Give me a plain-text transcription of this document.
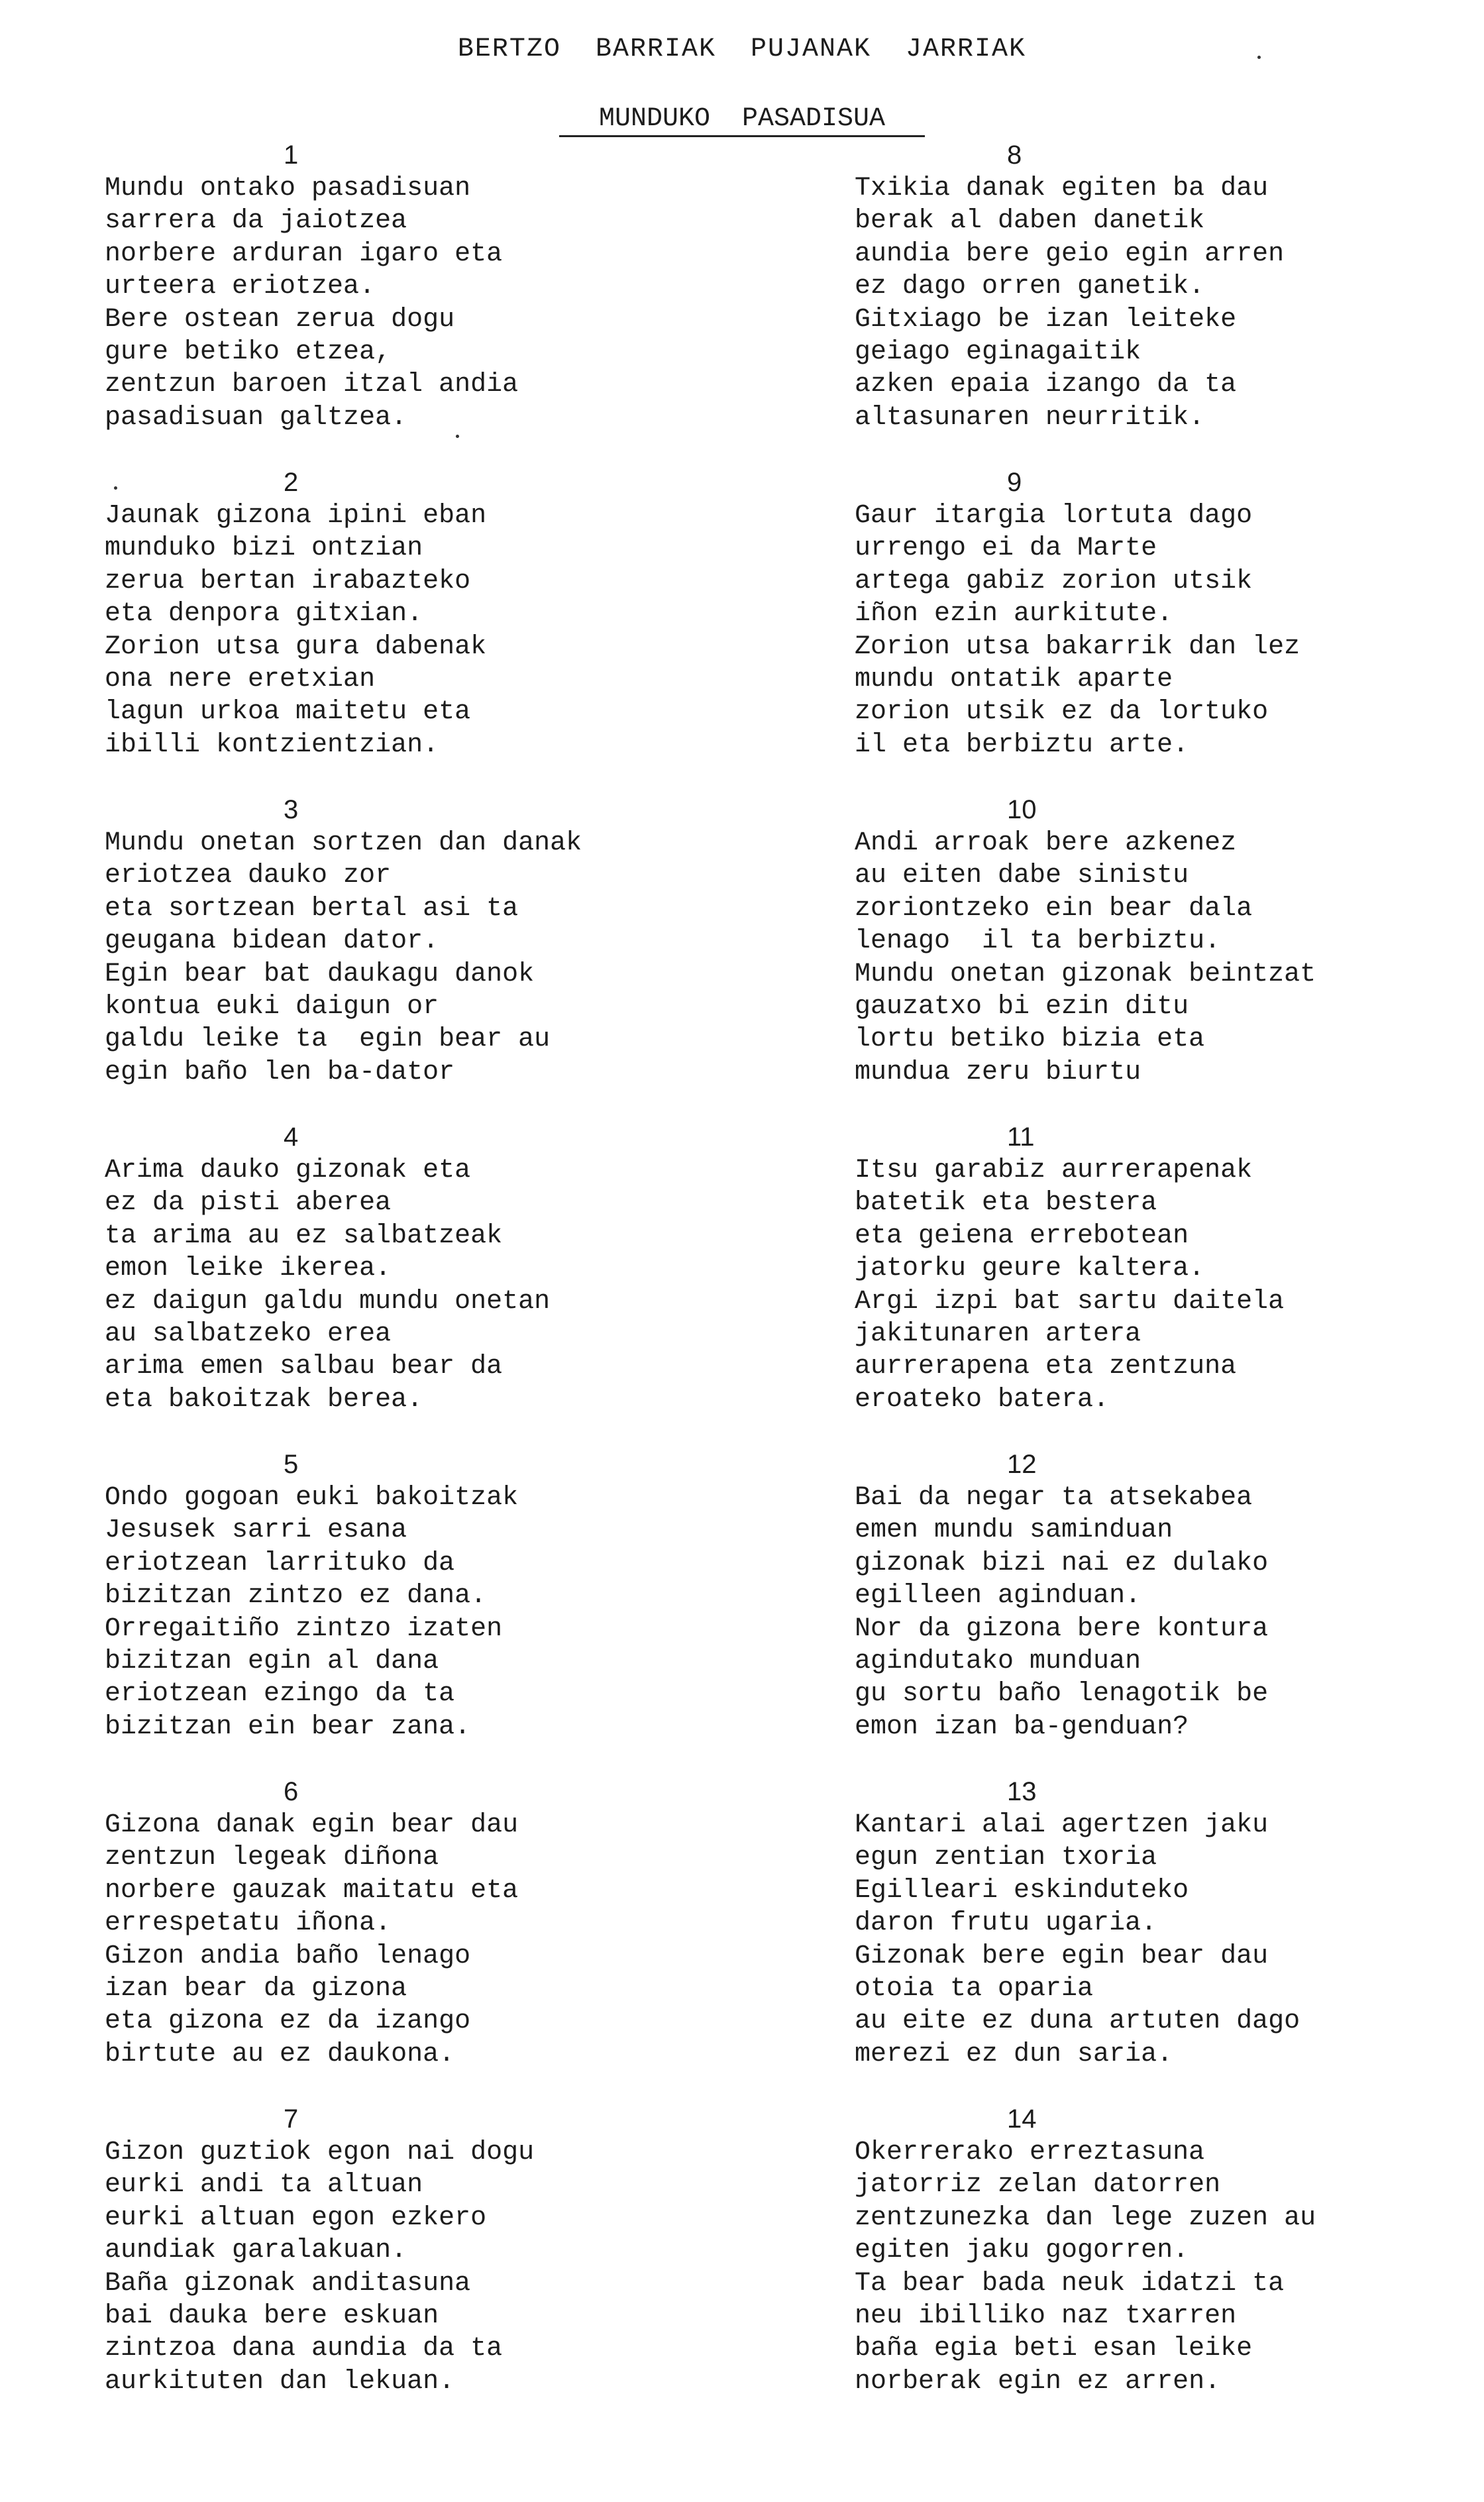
BERTZO  BARRIAK  PUJANAK  JARRIAK
MUNDUKO  PASADISUA
1
Mundu ontako pasadisuan
sarrera da jaiotzea
norbere arduran igaro eta
urteera eriotzea.
Bere ostean zerua dogu
gure betiko etzea,
zentzun baroen itzal andia
pasadisuan galtzea.
2
Jaunak gizona ipini eban
munduko bizi ontzian
zerua bertan irabazteko
eta denpora gitxian.
Zorion utsa gura dabenak
ona nere eretxian
lagun urkoa maitetu eta
ibilli kontzientzian.
3
Mundu onetan sortzen dan danak
eriotzea dauko zor
eta sortzean bertal asi ta
geugana bidean dator.
Egin bear bat daukagu danok
kontua euki daigun or
galdu leike ta  egin bear au
egin baño len ba-dator
4
Arima dauko gizonak eta
ez da pisti aberea
ta arima au ez salbatzeak
emon leike ikerea.
ez daigun galdu mundu onetan
au salbatzeko erea
arima emen salbau bear da
eta bakoitzak berea.
5
Ondo gogoan euki bakoitzak
Jesusek sarri esana
eriotzean larrituko da
bizitzan zintzo ez dana.
Orregaitiño zintzo izaten
bizitzan egin al dana
eriotzean ezingo da ta
bizitzan ein bear zana.
6
Gizona danak egin bear dau
zentzun legeak diñona
norbere gauzak maitatu eta
errespetatu iñona.
Gizon andia baño lenago
izan bear da gizona
eta gizona ez da izango
birtute au ez daukona.
7
Gizon guztiok egon nai dogu
eurki andi ta altuan
eurki altuan egon ezkero
aundiak garalakuan.
Baña gizonak anditasuna
bai dauka bere eskuan
zintzoa dana aundia da ta
aurkituten dan lekuan.
8
Txikia danak egiten ba dau
berak al daben danetik
aundia bere geio egin arren
ez dago orren ganetik.
Gitxiago be izan leiteke
geiago eginagaitik
azken epaia izango da ta
altasunaren neurritik.
9
Gaur itargia lortuta dago
urrengo ei da Marte
artega gabiz zorion utsik
iñon ezin aurkitute.
Zorion utsa bakarrik dan lez
mundu ontatik aparte
zorion utsik ez da lortuko
il eta berbiztu arte.
10
Andi arroak bere azkenez
au eiten dabe sinistu
zoriontzeko ein bear dala
lenago  il ta berbiztu.
Mundu onetan gizonak beintzat
gauzatxo bi ezin ditu
lortu betiko bizia eta
mundua zeru biurtu
11
Itsu garabiz aurrerapenak
batetik eta bestera
eta geiena errebotean
jatorku geure kaltera.
Argi izpi bat sartu daitela
jakitunaren artera
aurrerapena eta zentzuna
eroateko batera.
12
Bai da negar ta atsekabea
emen mundu saminduan
gizonak bizi nai ez dulako
egilleen aginduan.
Nor da gizona bere kontura
agindutako munduan
gu sortu baño lenagotik be
emon izan ba-genduan?
13
Kantari alai agertzen jaku
egun zentian txoria
Egilleari eskinduteko
daron frutu ugaria.
Gizonak bere egin bear dau
otoia ta oparia
au eite ez duna artuten dago
merezi ez dun saria.
14
Okerrerako erreztasuna
jatorriz zelan datorren
zentzunezka dan lege zuzen au
egiten jaku gogorren.
Ta bear bada neuk idatzi ta
neu ibilliko naz txarren
baña egia beti esan leike
norberak egin ez arren.
